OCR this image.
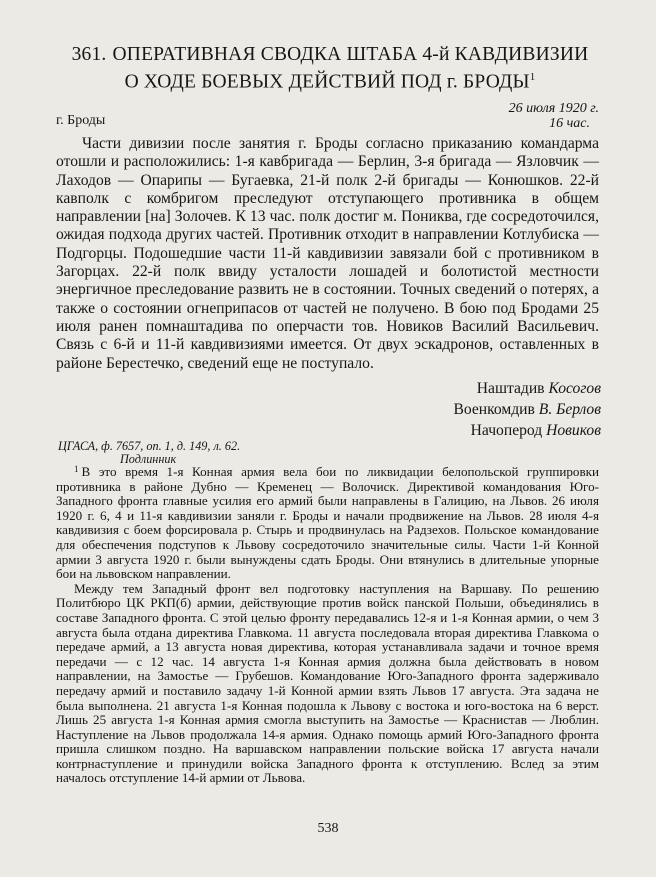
361. ОПЕРАТИВНАЯ СВОДКА ШТАБА 4-й КАВДИВИЗИИ
О ХОДЕ БОЕВЫХ ДЕЙСТВИЙ ПОД г. БРОДЫ$^1$
26 июля 1920 г.
г. Броды	16 час.

Части дивизии после занятия г. Броды согласно приказанию командарма отошли и расположились: 1-я кавбригада — Берлин, 3-я бригада — Язловчик — Лаходов — Опарипы — Бугаевка, 21-й полк 2-й бригады — Конюшков. 22-й кавполк с комбригом преследуют отступающего противника в общем направлении [на] Золочев. К 13 час. полк достиг м. Пониква, где сосредоточился, ожидая подхода других частей. Противник отходит в направлении Котлубиска — Подгорцы. Подошедшие части 11-й кавдивизии завязали бой с противником в Загорцах. 22-й полк ввиду усталости лошадей и болотистой местности энергичное преследование развить не в состоянии. Точных сведений о потерях, а также о состоянии огнеприпасов от частей не получено. В бою под Бродами 25 июля ранен помнаштадива по оперчасти тов. Новиков Василий Васильевич. Связь с 6-й и 11-й кавдивизиями имеется. От двух эскадронов, оставленных в районе Берестечко, сведений еще не поступало.

Наштадив Косогов
Военкомдив В. Берлов
Начоперод Новиков
ЦГАСА, ф. 7657, оп. 1, д. 149, л. 62.
Подлинник

$^1$ В это время 1-я Конная армия вела бои по ликвидации белопольской группировки противника в районе Дубно — Кременец — Волочиск. Директивой командования Юго-Западного фронта главные усилия его армий были направлены в Галицию, на Львов. 26 июля 1920 г. 6, 4 и 11-я кавдивизии заняли г. Броды и начали продвижение на Львов. 28 июля 4-я кавдивизия с боем форсировала р. Стырь и продвинулась на Радзехов. Польское командование для обеспечения подступов к Львову сосредоточило значительные силы. Части 1-й Конной армии 3 августа 1920 г. были вынуждены сдать Броды. Они втянулись в длительные упорные бои на львовском направлении.

Между тем Западный фронт вел подготовку наступления на Варшаву. По решению Политбюро ЦК РКП(б) армии, действующие против войск панской Польши, объединялись в составе Западного фронта. С этой целью фронту передавались 12-я и 1-я Конная армии, о чем 3 августа была отдана директива Главкома. 11 августа последовала вторая директива Главкома о передаче армий, а 13 августа новая директива, которая устанавливала задачи и точное время передачи — с 12 час. 14 августа 1-я Конная армия должна была действовать в новом направлении, на Замостье — Грубешов. Командование Юго-Западного фронта задерживало передачу армий и поставило задачу 1-й Конной армии взять Львов 17 августа. Эта задача не была выполнена. 21 августа 1-я Конная подошла к Львову с востока и юго-востока на 6 верст. Лишь 25 августа 1-я Конная армия смогла выступить на Замостье — Краснистав — Люблин. Наступление на Львов продолжала 14-я армия. Однако помощь армий Юго-Западного фронта пришла слишком поздно. На варшавском направлении польские войска 17 августа начали контрнаступление и принудили войска Западного фронта к отступлению. Вслед за этим началось отступление 14-й армии от Львова.

538
